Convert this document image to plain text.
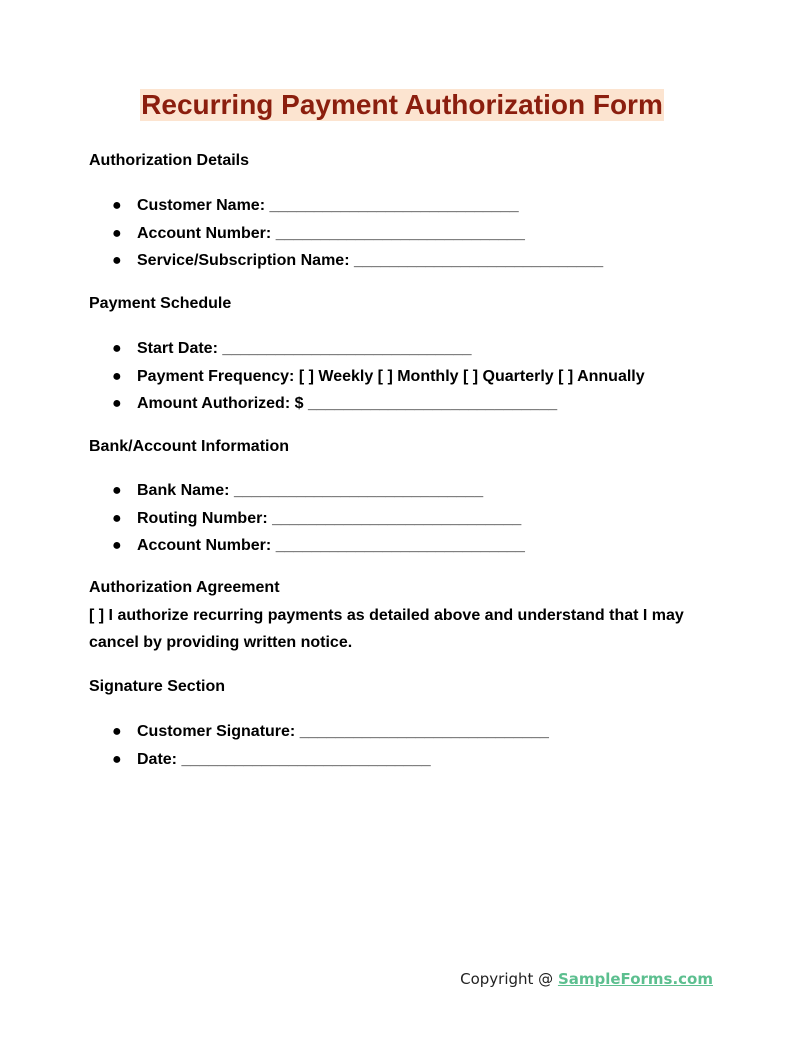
Recurring Payment Authorization Form
Authorization Details
● Customer Name: ____________________________
● Account Number: ____________________________
● Service/Subscription Name: ____________________________
Payment Schedule
● Start Date: ____________________________
● Payment Frequency: [ ] Weekly [ ] Monthly [ ] Quarterly [ ] Annually
● Amount Authorized: $ ____________________________
Bank/Account Information
● Bank Name: ____________________________
● Routing Number: ____________________________
● Account Number: ____________________________
Authorization Agreement
[ ] I authorize recurring payments as detailed above and understand that I may cancel by providing written notice.
Signature Section
● Customer Signature: ____________________________
● Date: ____________________________
Copyright @ SampleForms.com
